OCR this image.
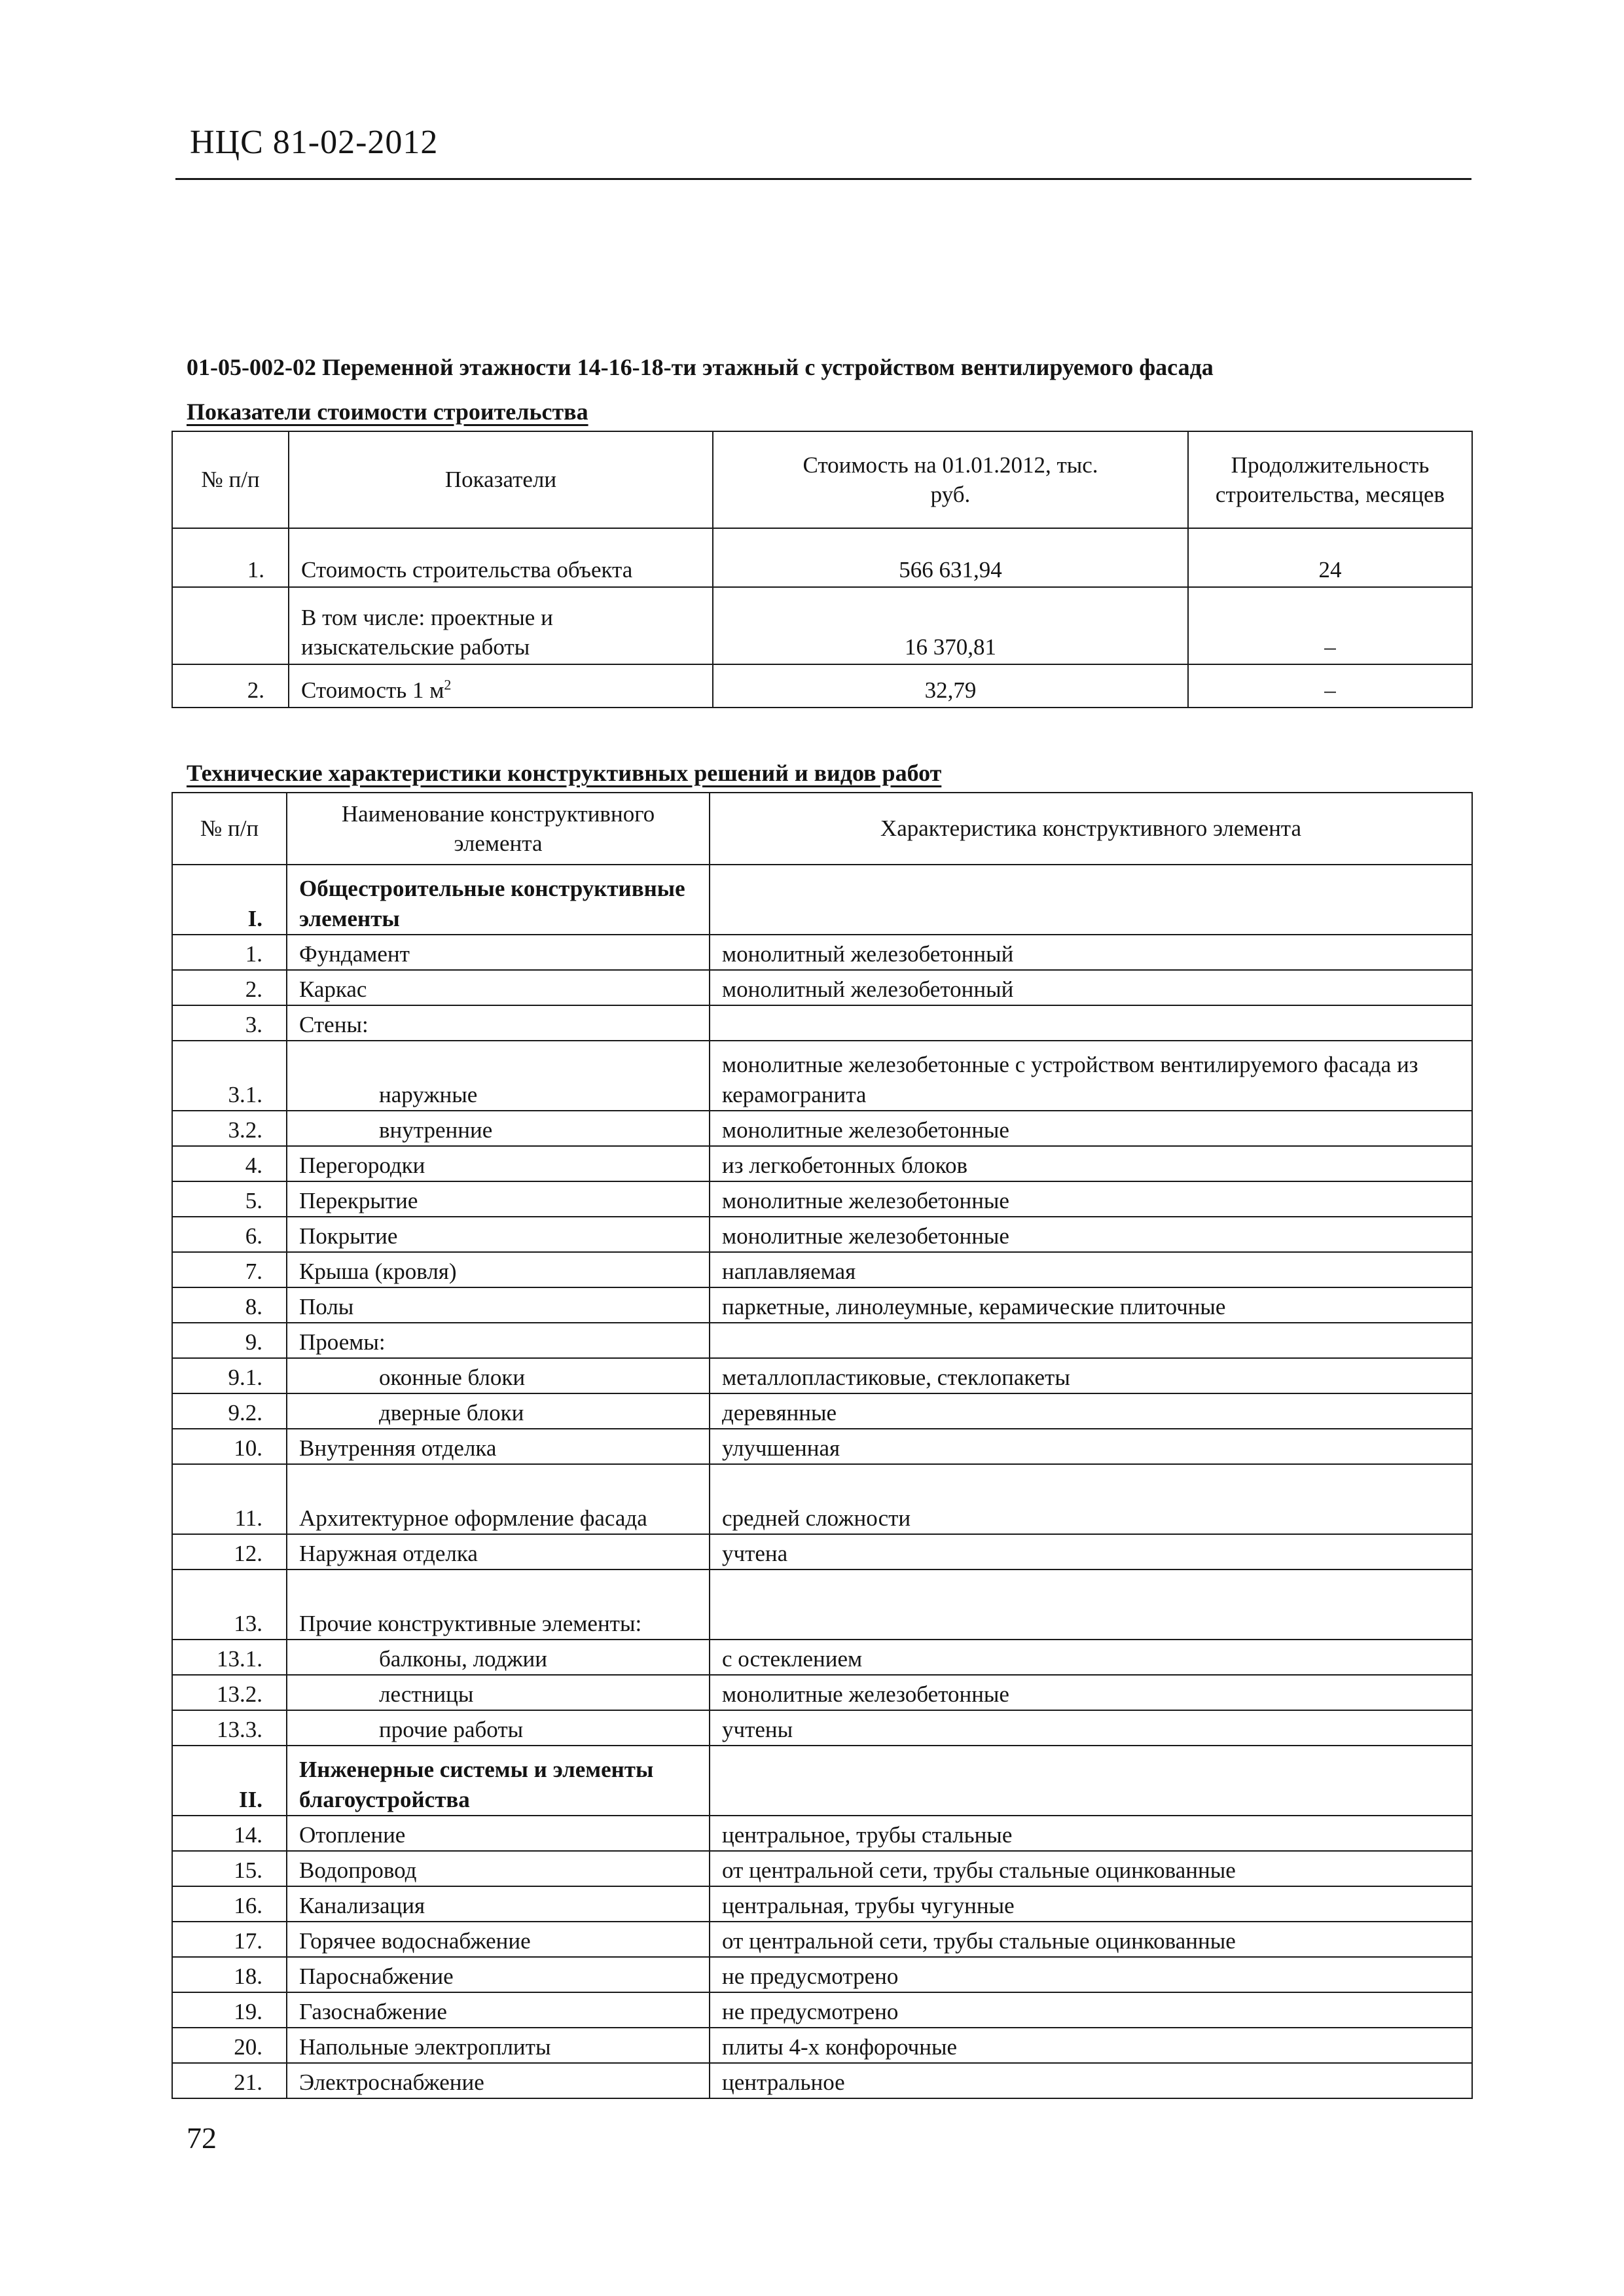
НЦС 81-02-2012
01-05-002-02 Переменной этажности 14-16-18-ти этажный с устройством вентилируемого фасада
Показатели стоимости строительства
№ п/п	Показатели	Стоимость на 01.01.2012, тыс. руб.	Продолжительность строительства, месяцев

1.	Стоимость строительства объекта	566 631,94	24
	В том числе: проектные и изыскательские работы	16 370,81	–
2.	Стоимость 1 $м^2$	32,79	–
Технические характеристики конструктивных решений и видов работ
№ п/п	Наименование конструктивного элемента	Характеристика конструктивного элемента
I.	Общестроительные конструктивные элементы	
1.	Фундамент	монолитный железобетонный
2.	Каркас	монолитный железобетонный
3.	Стены:	
3.1.	наружные	монолитные железобетонные с устройством вентилируемого фасада из керамогранита
3.2.	внутренние	монолитные железобетонные
4.	Перегородки	из легкобетонных блоков
5.	Перекрытие	монолитные железобетонные
6.	Покрытие	монолитные железобетонные
7.	Крыша (кровля)	наплавляемая
8.	Полы	паркетные, линолеумные, керамические плиточные
9.	Проемы:	
9.1.	оконные блоки	металлопластиковые, стеклопакеты
9.2.	дверные блоки	деревянные
10.	Внутренняя отделка	улучшенная
11.	Архитектурное оформление фасада	средней сложности
12.	Наружная отделка	учтена
13.	Прочие конструктивные элементы:	
13.1.	балконы, лоджии	с остеклением
13.2.	лестницы	монолитные железобетонные
13.3.	прочие работы	учтены
II.	Инженерные системы и элементы благоустройства	
14.	Отопление	центральное, трубы стальные
15.	Водопровод	от центральной сети, трубы стальные оцинкованные
16.	Канализация	центральная, трубы чугунные
17.	Горячее водоснабжение	от центральной сети, трубы стальные оцинкованные
18.	Пароснабжение	не предусмотрено
19.	Газоснабжение	не предусмотрено
20.	Напольные электроплиты	плиты 4-х конфорочные
21.	Электроснабжение	центральное
72
